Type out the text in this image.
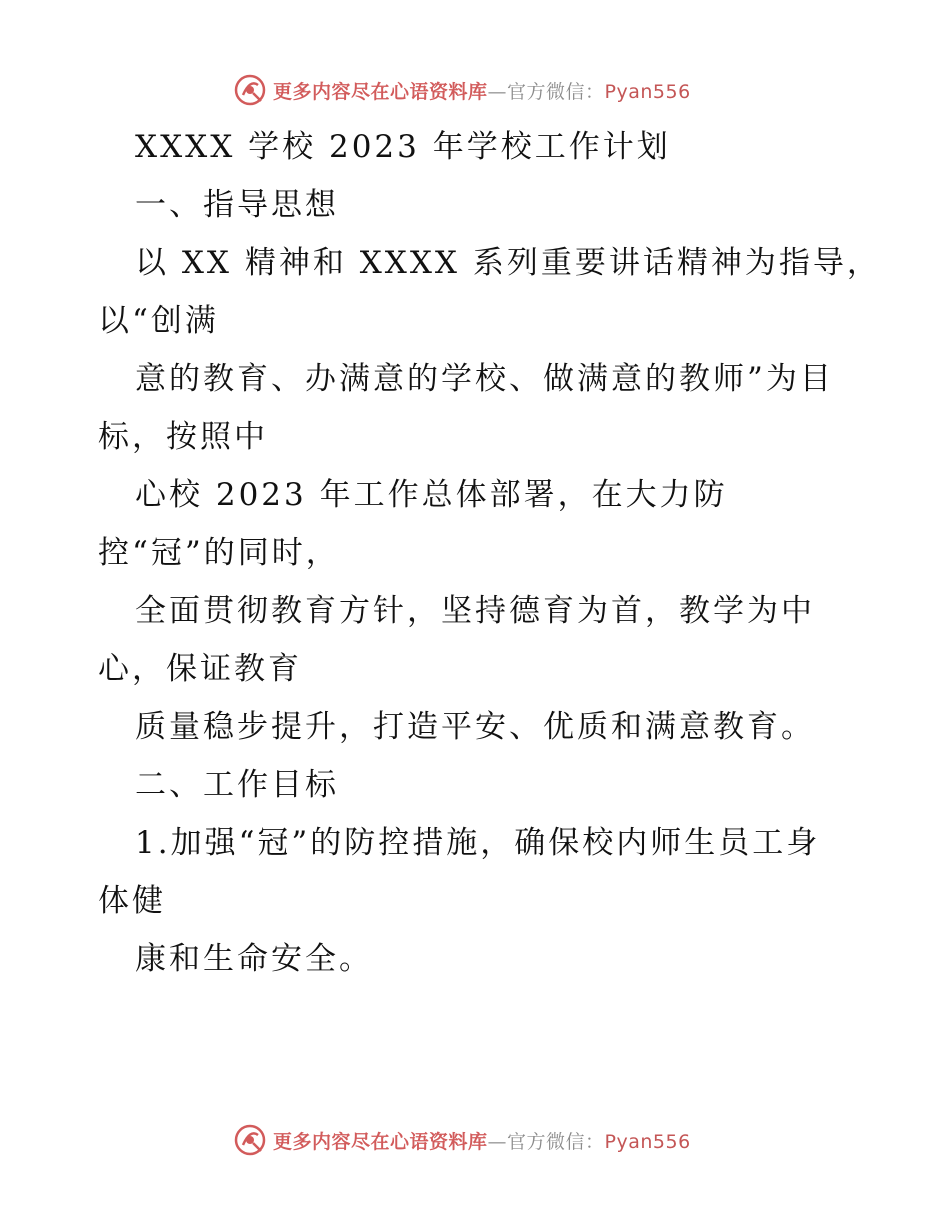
更多内容尽在心语资料库—官方微信：Pyan556
XXXX 学校 2023 年学校工作计划
一、指导思想
以 XX 精神和 XXXX 系列重要讲话精神为指导，
以“创满
意的教育、办满意的学校、做满意的教师”为目
标，按照中
心校 2023 年工作总体部署，在大力防
控“冠”的同时，
全面贯彻教育方针，坚持德育为首，教学为中
心，保证教育
质量稳步提升，打造平安、优质和满意教育。
二、工作目标
1.加强“冠”的防控措施，确保校内师生员工身
体健
康和生命安全。
更多内容尽在心语资料库—官方微信：Pyan556
